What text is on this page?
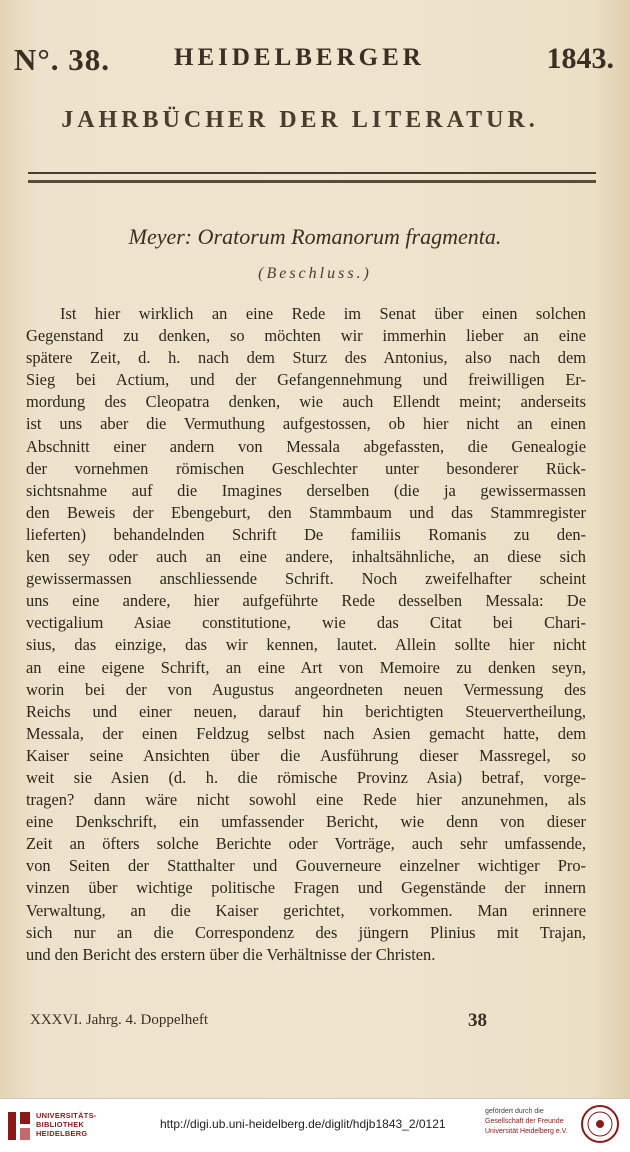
N°. 38.	HEIDELBERGER	1843.
JAHRBÜCHER DER LITERATUR.
Meyer: Oratorum Romanorum fragmenta.
(Beschluss.)
Ist hier wirklich an eine Rede im Senat über einen solchen
Gegenstand zu denken, so möchten wir immerhin lieber an eine
spätere Zeit, d. h. nach dem Sturz des Antonius, also nach dem
Sieg bei Actium, und der Gefangennehmung und freiwilligen Er-
mordung des Cleopatra denken, wie auch Ellendt meint; anderseits
ist uns aber die Vermuthung aufgestossen, ob hier nicht an einen
Abschnitt einer andern von Messala abgefassten, die Genealogie
der vornehmen römischen Geschlechter unter besonderer Rück-
sichtsnahme auf die Imagines derselben (die ja gewissermassen
den Beweis der Ebengeburt, den Stammbaum und das Stammregister
lieferten) behandelnden Schrift De familiis Romanis zu den-
ken sey oder auch an eine andere, inhaltsähnliche, an diese sich
gewissermassen anschliessende Schrift. Noch zweifelhafter scheint
uns eine andere, hier aufgeführte Rede desselben Messala: De
vectigalium Asiae constitutione, wie das Citat bei Chari-
sius, das einzige, das wir kennen, lautet. Allein sollte hier nicht
an eine eigene Schrift, an eine Art von Memoire zu denken seyn,
worin bei der von Augustus angeordneten neuen Vermessung des
Reichs und einer neuen, darauf hin berichtigten Steuervertheilung,
Messala, der einen Feldzug selbst nach Asien gemacht hatte, dem
Kaiser seine Ansichten über die Ausführung dieser Massregel, so
weit sie Asien (d. h. die römische Provinz Asia) betraf, vorge-
tragen? dann wäre nicht sowohl eine Rede hier anzunehmen, als
eine Denkschrift, ein umfassender Bericht, wie denn von dieser
Zeit an öfters solche Berichte oder Vorträge, auch sehr umfassende,
von Seiten der Statthalter und Gouverneure einzelner wichtiger Pro-
vinzen über wichtige politische Fragen und Gegenstände der innern
Verwaltung, an die Kaiser gerichtet, vorkommen. Man erinnere
sich nur an die Correspondenz des jüngern Plinius mit Trajan,
und den Bericht des erstern über die Verhältnisse der Christen.
XXXVI. Jahrg. 4. Doppelheft	38
UNIVERSITÄTS-
BIBLIOTHEK
HEIDELBERG
http://digi.ub.uni-heidelberg.de/diglit/hdjb1843_2/0121
gefördert durch die
Gesellschaft der Freunde
Universität Heidelberg e.V.
